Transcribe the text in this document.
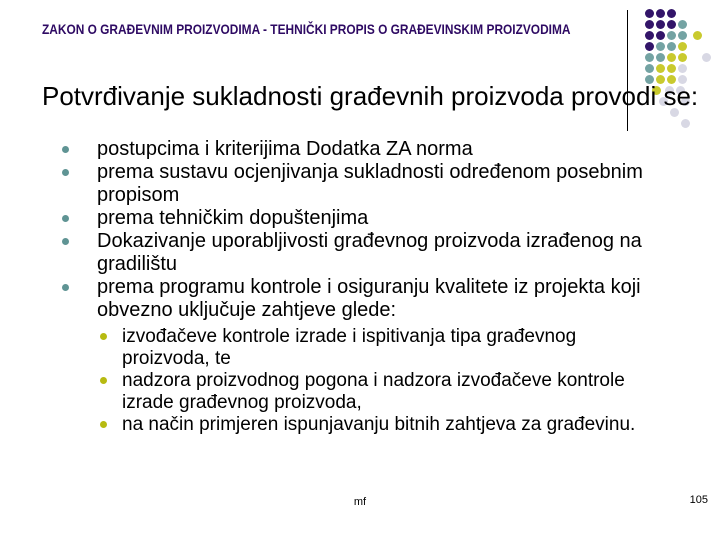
ZAKON O GRAĐEVNIM PROIZVODIMA - TEHNIČKI PROPIS O GRAĐEVINSKIM PROIZVODIMA
Potvrđivanje sukladnosti građevnih proizvoda provodi se:
postupcima i kriterijima Dodatka ZA norma
prema sustavu ocjenjivanja sukladnosti određenom posebnim propisom
prema tehničkim dopuštenjima
Dokazivanje uporabljivosti građevnog proizvoda izrađenog na gradilištu
prema programu kontrole i osiguranju kvalitete iz projekta koji obvezno uključuje zahtjeve glede:
izvođačeve kontrole izrade i ispitivanja tipa građevnog proizvoda, te
nadzora proizvodnog pogona i nadzora izvođačeve kontrole izrade građevnog proizvoda,
na način primjeren ispunjavanju bitnih zahtjeva za građevinu.
mf	105
